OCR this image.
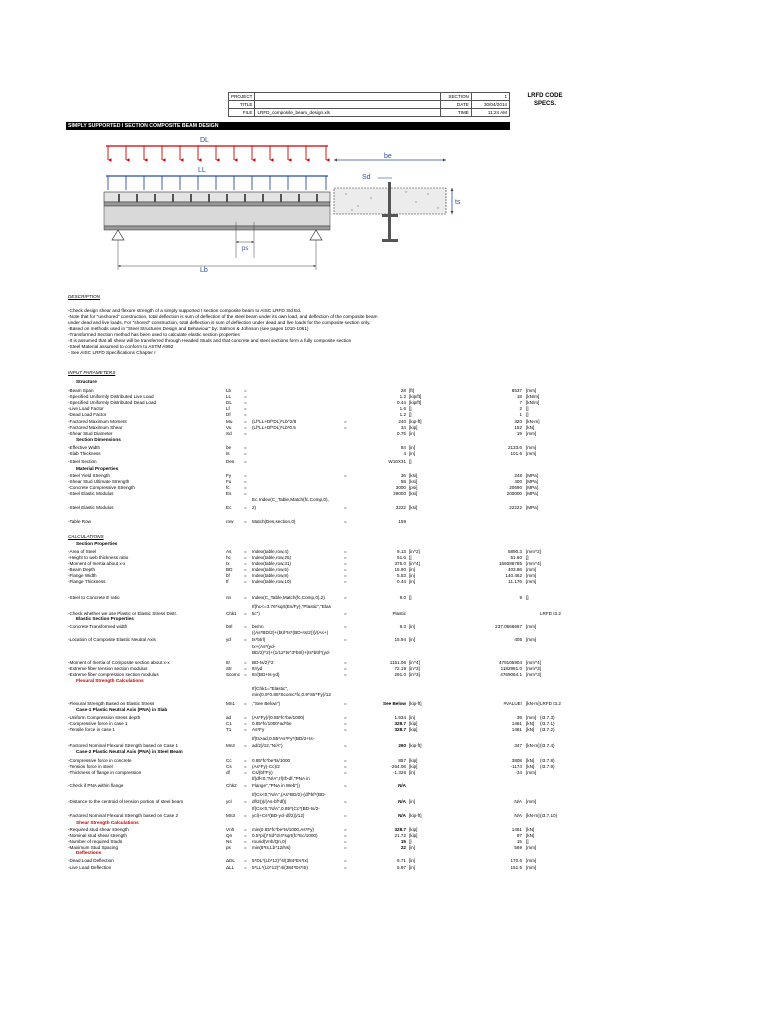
PROJECT		SECTION	1
TITLE		DATE	30/04/2014
FILE	LRFD_composite_beam_design.xls	TIME	11:24 AM
LRFD CODE SPECS.
SIMPLY SUPPORTED I SECTION COMPOSITE BEAM DESIGN
DL
LL
ps
Lb
be
Sd
ts
DESCRIPTION
-Check design shear and flexure strength of a simply supported I section composite beam to AISC LRFD 3rd Ed.
-Note that for "unshored" construction, total deflection is sum of deflection of the steel beam under its own load, and deflection of the composite beam
under dead and live loads. For "shored" construction, total deflection is sum of deflection under dead and live loads for the composite section only.
-Based on methods used in "Steel Structures Design and Behaviour" by: Salmon & Johnson (see pages 1010-1061)
-Transformed Section method has been used to calculate elastic section properties
-It is assumed that all shear will be transferred through Headed Studs and that concrete and steel sections form a fully composite section
-Steel Material assumed to conform to ASTM A992
- See AISC LRFD Specifications Chapter I
INPUT PARAMETERS
Structure
-Beam Span	Lb	=	28 [ft]	8537 [mm]
-Specified Uniformly Distributed Live Load	LL	=	1.2 [kip/ft]	18 [kN/m]
-Specified Uniformly Distributed Dead Load	DL	=	0.44 [kip/ft]	7 [kN/m]
-Live Load Factor	Lf	=	1.6 []	2 []
-Dead Load Factor	Df	=	1.2 []	1 []
-Factored Maximum Moment	Mu	= (Lf*LL+Df*DL)*Lb^2/8	=	240 [kip-ft]	320 [kN-m]
-Factored Maximum Shear	Vu	= (Lf*LL+Df*DL)*Lb*0.5	=	34 [kip]	152 [kN]
-Shear Stud Diameter	Sd	=	0.75 [in]	19 [mm]
Section Dimensions
-Effective Width	be	=	84 [in]	2133.6 [mm]
-Slab Thickness	ts	=	4 [in]	101.6 [mm]
-Steel Section	Des =	W16X31 []
Material Properties
-Steel Yield Strength	Fy	=	=	36 [ksi]	248 [MPa]
-Shear Stud Ultimate Strength	Fu	=	58 [ksi]	400 [MPa]
-Concrete Compressive Strength	fc	=	3000 [psi]	20690 [MPa]
-Steel Elastic Modulus	Es	=	29000 [ksi]	200000 [MPa]
Ec Index(C_Table,Match(fc,Comp,0),
-Steel Elastic Modulus	Ec	= 2)	=	3222 [ksi]	22222 [MPa]
-Table Row	row = Match(Des,section,0)	=	159
CALCULATIONS
Section Properties
-Area of Steel	As	= Index(table,row,4)	=	9.13 [in^2]	5890.3 [mm^2]
-Height to web thickness ratio	hc	= Index(table,row,25)	=	51.6 []	51.60 []
-Moment of Inertia about x-x	Ix	= Index(table,row,31)	=	375.0 [in^4]	156086785 [mm^4]
-Beam Depth	BD	= Index(table,row,5)	=	15.90 [in]	403.86 [mm]
-Flange Width	bf	= Index(table,row,8)	=	5.53 [in]	140.462 [mm]
-Flange Thickness	tf	= Index(table,row,10)	=	0.44 [in]	11.176 [mm]
-Steel to Concrete E ratio	nn	= Index(C_Table,Match(fc,Comp,0),2)	=	9.0 []	9 []
If(hc<=3.76*sqrt(Es/Fy),"Plastic","Elas
-Check whether we use Plastic or Elastic Stress Distr.	Chk1 = tic")	=	Plastic	LRFD I3.2
Elastic Section Properties
-Concrete Transformed width	btrl	= be/nn	=	9.3 [in]	237.0666667 [mm]
((As*BD/2)+(btrl*ts*(BD+ts/2)))/(As+(
-Location of Composite Elastic Neutral Axis	yd	= ts*btrl)	=	15.94 [in]	405 [mm]
Ix+(As*(yd-
BD/2)^2)+(1/12*ts^3*btrl)+(ts*btrl*(yd-
-Moment of Inertia of Composite section about x-x	Itr	= BD-ts/2)^2	=	1151.06 [in^4]	479105904 [mm^4]
-Extreme fiber tension section modulus	Str	= Itr/yd	=	72.19 [in^3]	1182981.0 [mm^3]
-Extreme fiber compression section modulus	Scomc = Itr/(BD+ts-yd)	=	291.0 [in^3]	4769064.1 [mm^3]
Flexural Strength Calculations
If(Chk1="Elastic",
min(0.9*0.85*Scomc*fc,0.9*Str*Fy)/12
-Flexural Strength Based on Elastic Stress	Mn1 = ,"See Below")	=	See Below [kip-ft]	#VALUE! [kN-m] LRFD I3.2
Case-1 Plastic Neutral Axis (PNA) in Slab
-Uniform Compression stress depth	ad	= (As*Fy)/(0.85*fc*be/1000)	=	1.534 [in]	39 [mm] (I3.7.3)
-Compressive force in case 1	C1	= 0.85*fc/1000*ad*be	=	328.7 [kip]	1461 [kN] (I3.7.1)
-Tensile force in case 1	T1	= As*Fy	=	328.7 [kip]	1461 [kN] (I3.7.2)
If(ts>ad,0.85*As*Fy*(BD/2+ts-
-Factored Nominal Flexural Strength based on Case 1	Mn2 = ad/2)/12,"N/A")	=	260 [kip-ft]	347 [kN-m] (I3.7.4)
Case-2 Plastic Neutral Axis (PNA) in Steel Beam
-Compressive force in concrete	Cc	= 0.85*fc*be*ts/1000	=	857 [kip]	3808 [kN] (I3.7.8)
-Tension force in steel	Cs	= (As*Fy)-Cc)/2	=	-264.06 [kip]	-1174 [kN] (I3.7.9)
-Thickness of flange in compression	df	= Cs/(bf*Fy)	=	-1.326 [in]	-34 [mm]
If(df<0,"N/A",If(tf>df,"PNA in
-Check if PNA within flange	Chk2 = Flange","PNA in Web"))	=	N/A
If(Cs<0,"N/A",(As*BD/2)-(df*bf*(BD-
-Distance to the centroid of tension portion of steel beam	ycl	= df/2)))/(As-bf*df))	=	N/A [in]	N/A [mm]
If(Cs<0,"N/A",0.85*(Cc*(BD-ts/2-
-Factored Nominal Flexural Strength based on Case 2	Mn3 = ycl)+Cs*(BD-ycl-df/2))/12)	=	N/A [kip-ft]	N/A [kN-m] (I3.7.10)
Shear Strength Calculations
-Required stud shear strength	Vnh = min(0.85*fc*be*ts/1000,As*Fy)	=	328.7 [kip]	1461 [kN]
-Nominal stud shear strength	Qn	= 0.5*pi()*Sd^2/4*sqrt(fc*Ec/1000)	=	21.72 [kip]	97 [kN]
-Number of required Studs	Ns	= round(Vnh/Qn,0)	=	15 []	15 []
-Maximum Stud Spacing	ps	= min(8*ts,Lb*12/Ns)	=	22 [in]	569 [mm]
Deflections
-Dead Load Deflection	ΔDL = 5*DL*(Lb*12)^4/(384*Es*Ix)	=	6.71 [in]	170.6 [mm]
-Live Load Deflection	ΔLL = 5*LL*(Lb*12)^4/(384*Es*Itr)	=	5.97 [in]	151.5 [mm]
